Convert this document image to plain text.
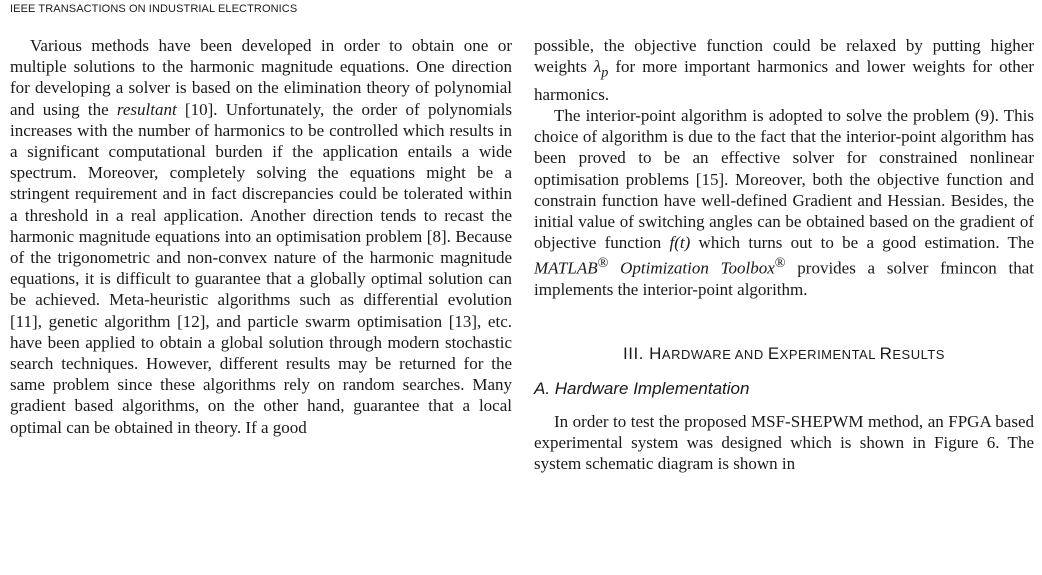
IEEE TRANSACTIONS ON INDUSTRIAL ELECTRONICS

Various methods have been developed in order to obtain one or multiple solutions to the harmonic magnitude equations. One direction for developing a solver is based on the elimination theory of polynomial and using the resultant [10]. Unfortunately, the order of polynomials increases with the number of harmonics to be controlled which results in a significant computational burden if the application entails a wide spectrum. Moreover, completely solving the equations might be a stringent requirement and in fact discrepancies could be tolerated within a threshold in a real application. Another direction tends to recast the harmonic magnitude equations into an optimisation problem [8]. Because of the trigonometric and non-convex nature of the harmonic magnitude equations, it is difficult to guarantee that a globally optimal solution can be achieved. Meta-heuristic algorithms such as differential evolution [11], genetic algorithm [12], and particle swarm optimisation [13], etc. have been applied to obtain a global solution through modern stochastic search techniques. However, different results may be returned for the same problem since these algorithms rely on random searches. Many gradient based algorithms, on the other hand, guarantee that a local optimal can be obtained in theory. If a good

possible, the objective function could be relaxed by putting higher weights $\lambda_p$ for more important harmonics and lower weights for other harmonics.

The interior-point algorithm is adopted to solve the problem (9). This choice of algorithm is due to the fact that the interior-point algorithm has been proved to be an effective solver for constrained nonlinear optimisation problems [15]. Moreover, both the objective function and constrain function have well-defined Gradient and Hessian. Besides, the initial value of switching angles can be obtained based on the gradient of objective function f(t) which turns out to be a good estimation. The MATLAB® Optimization Toolbox® provides a solver fmincon that implements the interior-point algorithm.

III. HARDWARE AND EXPERIMENTAL RESULTS
A. Hardware Implementation

In order to test the proposed MSF-SHEPWM method, an FPGA based experimental system was designed which is shown in Figure 6. The system schematic diagram is shown in
